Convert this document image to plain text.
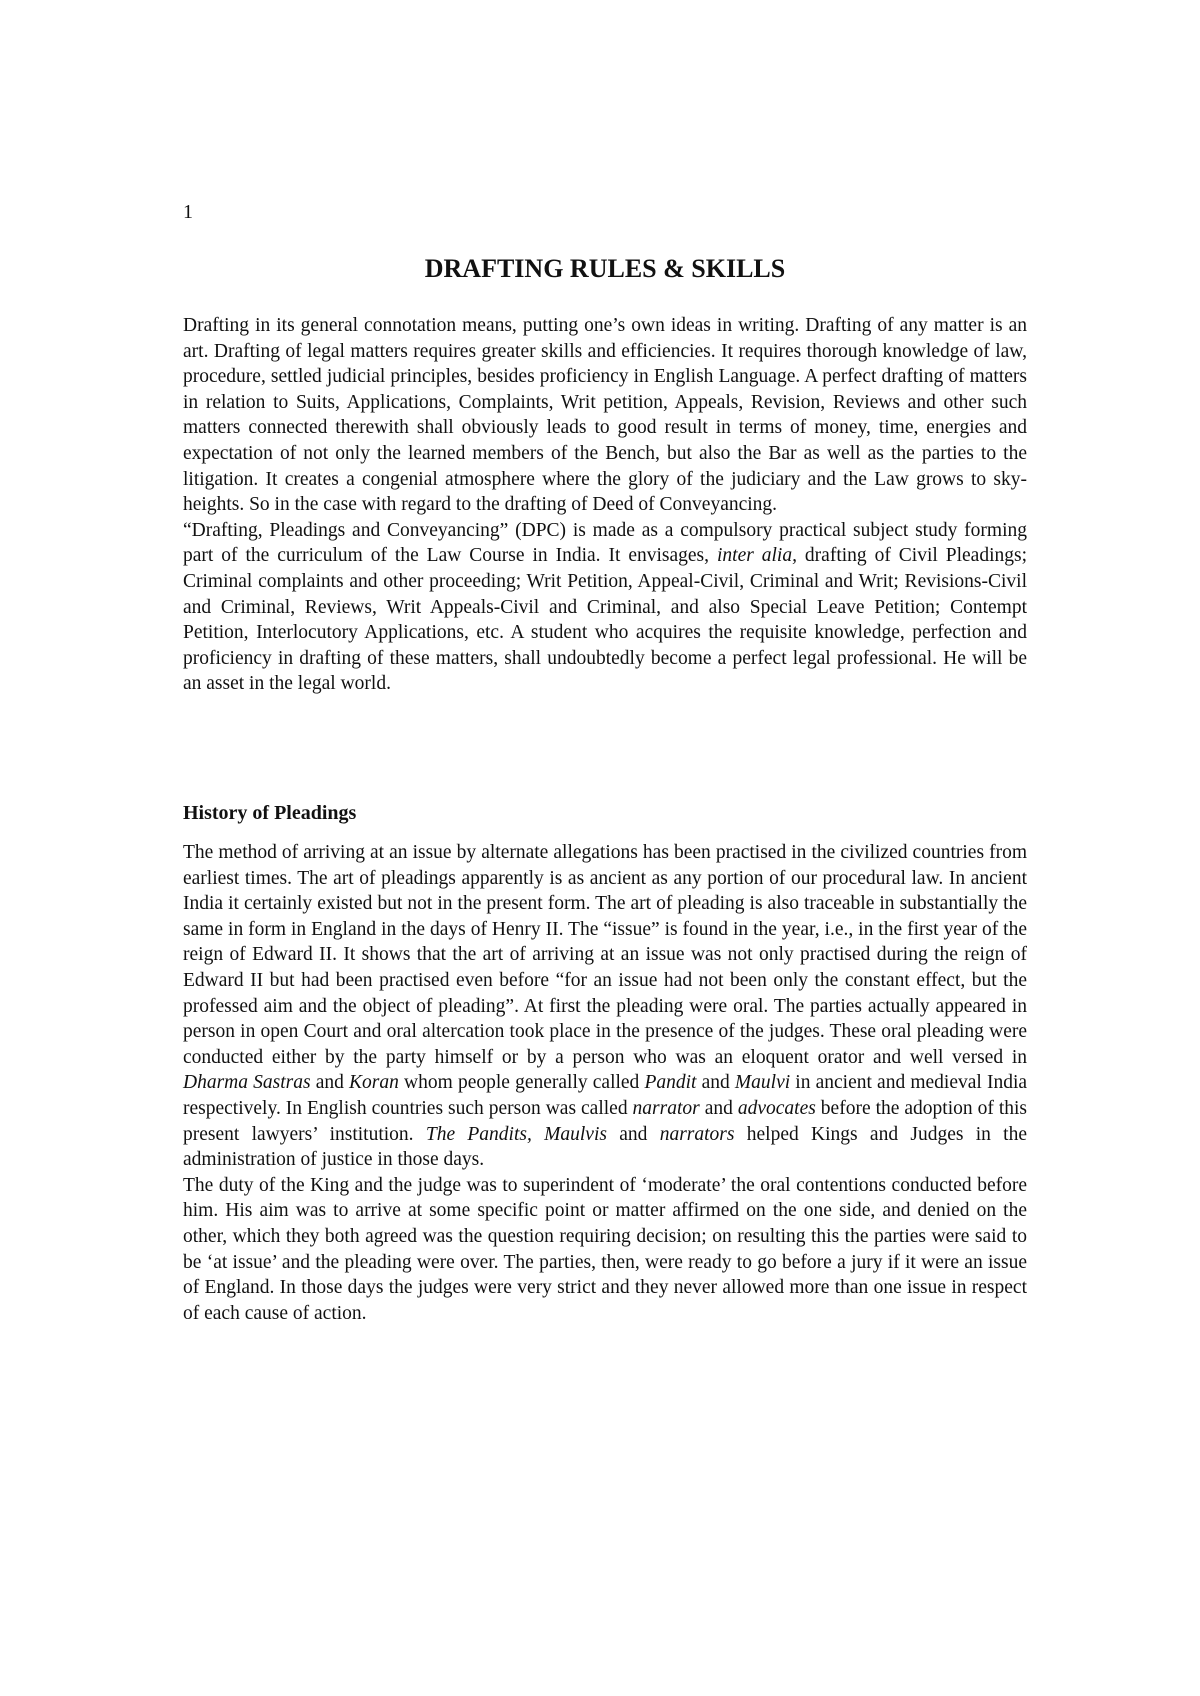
1
DRAFTING RULES & SKILLS

Drafting in its general connotation means, putting one’s own ideas in writing. Drafting of any matter is an art. Drafting of legal matters requires greater skills and efficiencies. It requires thorough knowledge of law, procedure, settled judicial principles, besides proficiency in English Language. A perfect drafting of matters in relation to Suits, Applications, Complaints, Writ petition, Appeals, Revision, Reviews and other such matters connected therewith shall obviously leads to good result in terms of money, time, energies and expectation of not only the learned members of the Bench, but also the Bar as well as the parties to the litigation. It creates a congenial atmosphere where the glory of the judiciary and the Law grows to sky-heights. So in the case with regard to the drafting of Deed of Conveyancing.

“Drafting, Pleadings and Conveyancing” (DPC) is made as a compulsory practical subject study forming part of the curriculum of the Law Course in India. It envisages, inter alia, drafting of Civil Pleadings; Criminal complaints and other proceeding; Writ Petition, Appeal-Civil, Criminal and Writ; Revisions-Civil and Criminal, Reviews, Writ Appeals-Civil and Criminal, and also Special Leave Petition; Contempt Petition, Interlocutory Applications, etc. A student who acquires the requisite knowledge, perfection and proficiency in drafting of these matters, shall undoubtedly become a perfect legal professional. He will be an asset in the legal world.

History of Pleadings

The method of arriving at an issue by alternate allegations has been practised in the civilized countries from earliest times. The art of pleadings apparently is as ancient as any portion of our procedural law. In ancient India it certainly existed but not in the present form. The art of pleading is also traceable in substantially the same in form in England in the days of Henry II. The “issue” is found in the year, i.e., in the first year of the reign of Edward II. It shows that the art of arriving at an issue was not only practised during the reign of Edward II but had been practised even before “for an issue had not been only the constant effect, but the professed aim and the object of pleading”. At first the pleading were oral. The parties actually appeared in person in open Court and oral altercation took place in the presence of the judges. These oral pleading were conducted either by the party himself or by a person who was an eloquent orator and well versed in Dharma Sastras and Koran whom people generally called Pandit and Maulvi in ancient and medieval India respectively. In English countries such person was called narrator and advocates before the adoption of this present lawyers’ institution. The Pandits, Maulvis and narrators helped Kings and Judges in the administration of justice in those days.

The duty of the King and the judge was to superindent of ‘moderate’ the oral contentions conducted before him. His aim was to arrive at some specific point or matter affirmed on the one side, and denied on the other, which they both agreed was the question requiring decision; on resulting this the parties were said to be ‘at issue’ and the pleading were over. The parties, then, were ready to go before a jury if it were an issue of England. In those days the judges were very strict and they never allowed more than one issue in respect of each cause of action.
